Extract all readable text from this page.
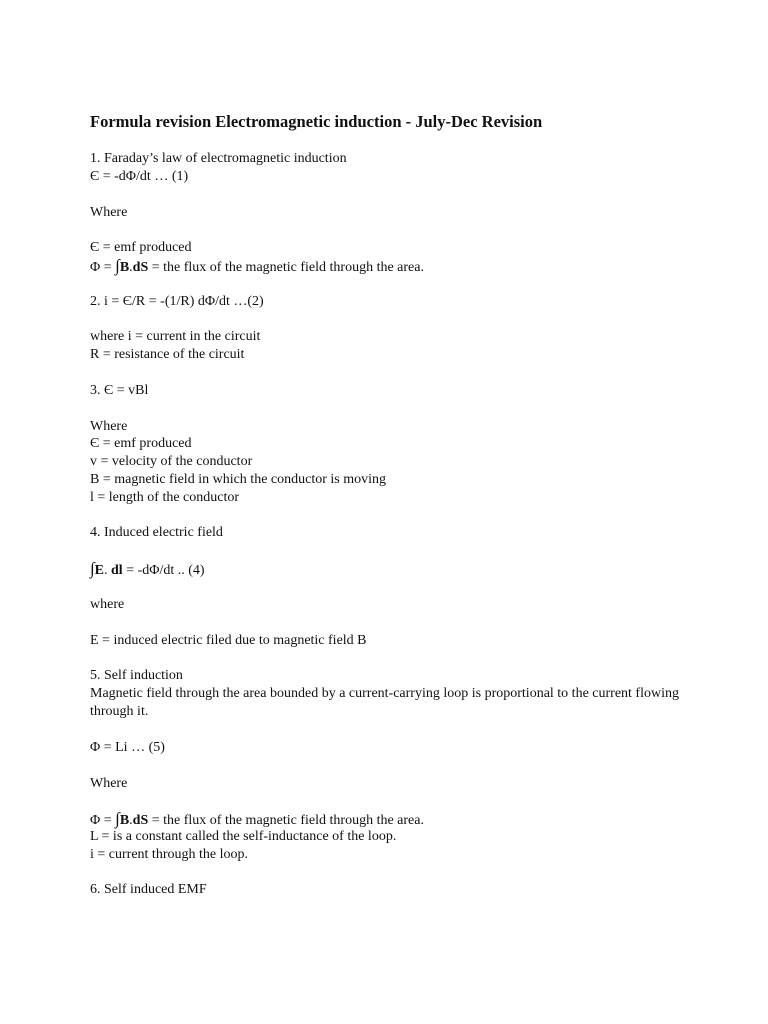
Formula revision Electromagnetic induction - July-Dec Revision
1. Faraday’s law of electromagnetic induction
Є = -dΦ/dt … (1)
Where
Є = emf produced
Φ = ∫B.dS = the flux of the magnetic field through the area.
2. i = Є/R = -(1/R) dΦ/dt …(2)
where i = current in the circuit
R = resistance of the circuit
3. Є = vBl
Where
Є = emf produced
v = velocity of the conductor
B = magnetic field in which the conductor is moving
l = length of the conductor
4. Induced electric field
∫E. dl = -dΦ/dt .. (4)
where
E = induced electric filed due to magnetic field B
5. Self induction
Magnetic field through the area bounded by a current-carrying loop is proportional to the current flowing through it.
Φ = Li … (5)
Where
Φ = ∫B.dS = the flux of the magnetic field through the area.
L = is a constant called the self-inductance of the loop.
i = current through the loop.
6. Self induced EMF
